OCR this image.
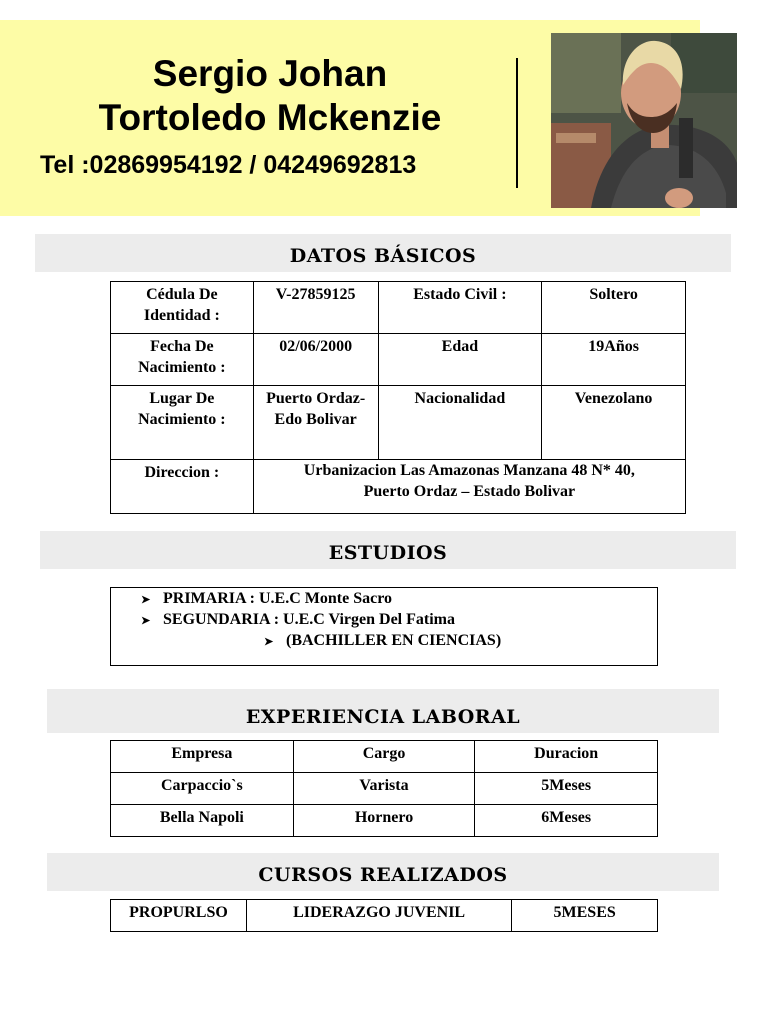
Sergio Johan
Tortoledo Mckenzie
Tel :02869954192 / 04249692813
DATOS BÁSICOS
Cédula De Identidad :	V-27859125	Estado Civil :	Soltero
Fecha De Nacimiento :	02/06/2000	Edad	19Años
Lugar De Nacimiento :	Puerto Ordaz-Edo Bolivar	Nacionalidad	Venezolano
Direccion :	Urbanizacion Las Amazonas Manzana 48 N* 40, Puerto Ordaz – Estado Bolivar		
ESTUDIOS
➤ PRIMARIA : U.E.C Monte Sacro
➤ SEGUNDARIA : U.E.C Virgen Del Fatima
➤ (BACHILLER EN CIENCIAS)
EXPERIENCIA LABORAL
Empresa	Cargo	Duracion
Carpaccio`s	Varista	5Meses
Bella Napoli	Hornero	6Meses
CURSOS REALIZADOS
PROPURLSO	LIDERAZGO JUVENIL	5MESES
